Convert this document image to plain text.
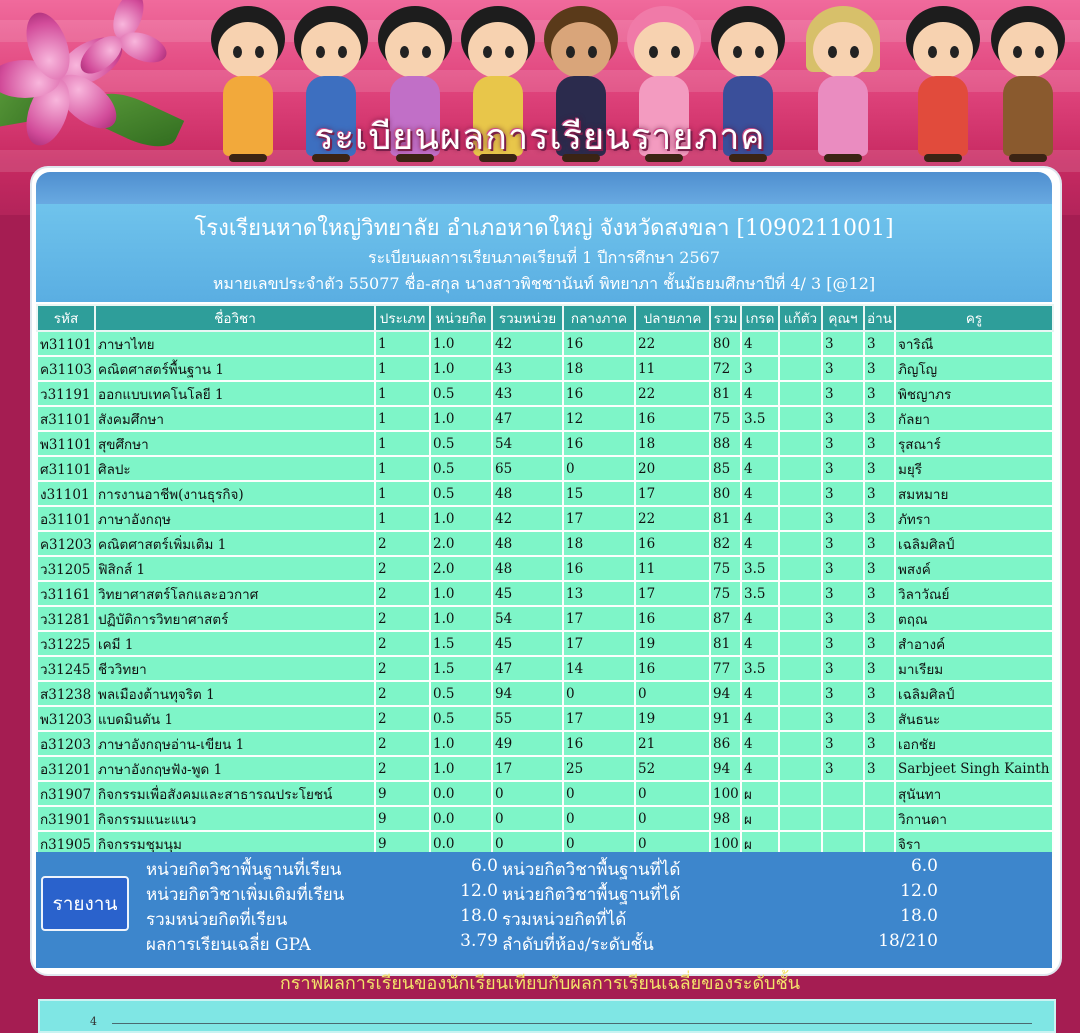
ระเบียนผลการเรียนรายภาค
โรงเรียนหาดใหญ่วิทยาลัย อำเภอหาดใหญ่ จังหวัดสงขลา [1090211001]
ระเบียนผลการเรียนภาคเรียนที่ 1 ปีการศึกษา 2567
หมายเลขประจำตัว 55077 ชื่อ-สกุล นางสาวพิชชานันท์ พิทยาภา ชั้นมัธยมศึกษาปีที่ 4/ 3 [@12]
รหัส	ชื่อวิชา	ประเภท	หน่วยกิต	รวมหน่วย	กลางภาค	ปลายภาค	รวม	เกรด	แก้ตัว	คุณฯ	อ่าน	ครู
ท31101	ภาษาไทย	1	1.0	42	16	22	80	4		3	3	จาริณี
ค31103	คณิตศาสตร์พื้นฐาน 1	1	1.0	43	18	11	72	3		3	3	ภิญโญ
ว31191	ออกแบบเทคโนโลยี 1	1	0.5	43	16	22	81	4		3	3	พิชญาภร
ส31101	สังคมศึกษา	1	1.0	47	12	16	75	3.5		3	3	กัลยา
พ31101	สุขศึกษา	1	0.5	54	16	18	88	4		3	3	รุสณาร์
ศ31101	ศิลปะ	1	0.5	65	0	20	85	4		3	3	มยุรี
ง31101	การงานอาชีพ(งานธุรกิจ)	1	0.5	48	15	17	80	4		3	3	สมหมาย
อ31101	ภาษาอังกฤษ	1	1.0	42	17	22	81	4		3	3	ภัทรา
ค31203	คณิตศาสตร์เพิ่มเติม 1	2	2.0	48	18	16	82	4		3	3	เฉลิมศิลป์
ว31205	ฟิสิกส์ 1	2	2.0	48	16	11	75	3.5		3	3	พสงค์
ว31161	วิทยาศาสตร์โลกและอวกาศ	2	1.0	45	13	17	75	3.5		3	3	วิลาวัณย์
ว31281	ปฏิบัติการวิทยาศาสตร์	2	1.0	54	17	16	87	4		3	3	ตฤณ
ว31225	เคมี 1	2	1.5	45	17	19	81	4		3	3	สำอางค์
ว31245	ชีววิทยา	2	1.5	47	14	16	77	3.5		3	3	มาเรียม
ส31238	พลเมืองต้านทุจริต 1	2	0.5	94	0	0	94	4		3	3	เฉลิมศิลป์
พ31203	แบดมินตัน 1	2	0.5	55	17	19	91	4		3	3	สันธนะ
อ31203	ภาษาอังกฤษอ่าน-เขียน 1	2	1.0	49	16	21	86	4		3	3	เอกชัย
อ31201	ภาษาอังกฤษฟัง-พูด 1	2	1.0	17	25	52	94	4		3	3	Sarbjeet Singh Kainth
ก31907	กิจกรรมเพื่อสังคมและสาธารณประโยชน์	9	0.0	0	0	0	100	ผ				สุนันทา
ก31901	กิจกรรมแนะแนว	9	0.0	0	0	0	98	ผ				วิกานดา
ก31905	กิจกรรมชุมนุม	9	0.0	0	0	0	100	ผ				จิรา
รายงาน
หน่วยกิตวิชาพื้นฐานที่เรียน	6.0 หน่วยกิตวิชาพื้นฐานที่ได้	6.0
หน่วยกิตวิชาเพิ่มเติมที่เรียน	12.0 หน่วยกิตวิชาพื้นฐานที่ได้	12.0
รวมหน่วยกิตที่เรียน	18.0 รวมหน่วยกิตที่ได้	18.0
ผลการเรียนเฉลี่ย GPA	3.79 ลำดับที่ห้อง/ระดับชั้น	18/210
กราฟผลการเรียนของนักเรียนเทียบกับผลการเรียนเฉลี่ยของระดับชั้น
4
